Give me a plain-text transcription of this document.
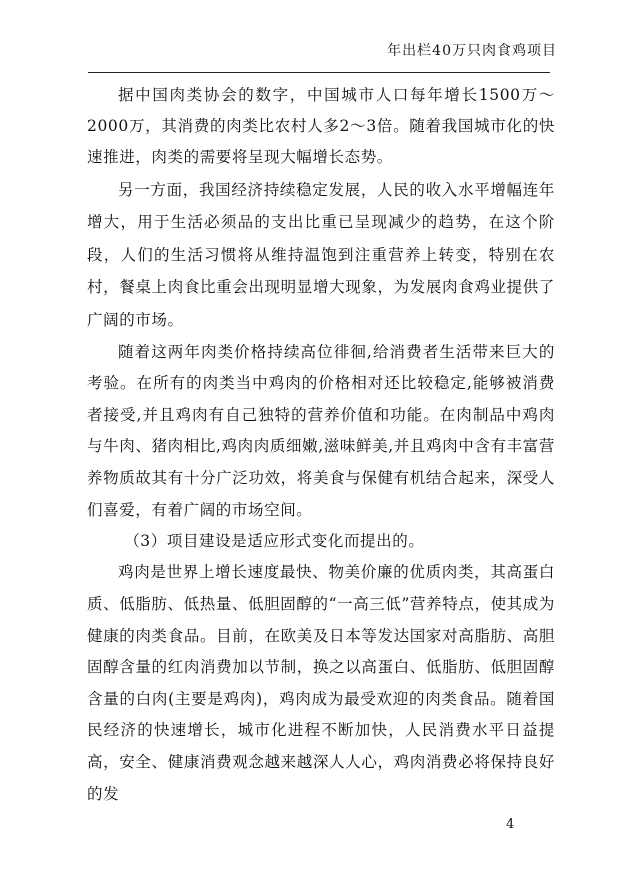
年出栏40万只肉食鸡项目

据中国肉类协会的数字，中国城市人口每年增长1500万～2000万，其消费的肉类比农村人多2～3倍。随着我国城市化的快速推进，肉类的需要将呈现大幅增长态势。

另一方面，我国经济持续稳定发展，人民的收入水平增幅连年增大，用于生活必须品的支出比重已呈现减少的趋势，在这个阶段，人们的生活习惯将从维持温饱到注重营养上转变，特别在农村，餐桌上肉食比重会出现明显增大现象，为发展肉食鸡业提供了广阔的市场。

随着这两年肉类价格持续高位徘徊,给消费者生活带来巨大的考验。在所有的肉类当中鸡肉的价格相对还比较稳定,能够被消费者接受,并且鸡肉有自己独特的营养价值和功能。在肉制品中鸡肉与牛肉、猪肉相比,鸡肉肉质细嫩,滋味鲜美,并且鸡肉中含有丰富营养物质故其有十分广泛功效，将美食与保健有机结合起来，深受人们喜爱，有着广阔的市场空间。

（3）项目建设是适应形式变化而提出的。

鸡肉是世界上增长速度最快、物美价廉的优质肉类，其高蛋白质、低脂肪、低热量、低胆固醇的“一高三低”营养特点，使其成为健康的肉类食品。目前，在欧美及日本等发达国家对高脂肪、高胆固醇含量的红肉消费加以节制，换之以高蛋白、低脂肪、低胆固醇含量的白肉(主要是鸡肉)，鸡肉成为最受欢迎的肉类食品。随着国民经济的快速增长，城市化进程不断加快，人民消费水平日益提高，安全、健康消费观念越来越深人人心，鸡肉消费必将保持良好的发

4
